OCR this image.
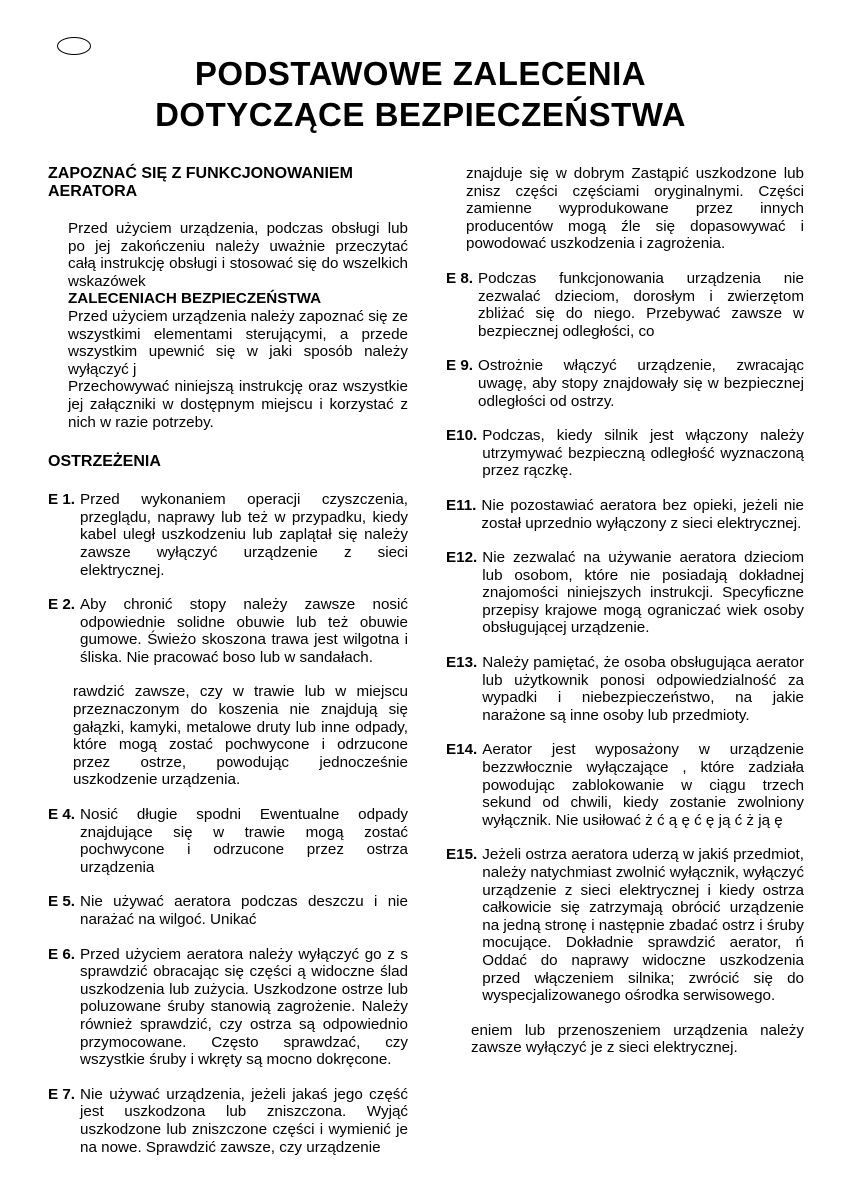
PODSTAWOWE ZALECENIA
DOTYCZĄCE BEZPIECZEŃSTWA

ZAPOZNAĆ SIĘ Z FUNKCJONOWANIEM AERATORA

Przed użyciem urządzenia, podczas obsługi lub po jej zakończeniu należy uważnie przeczytać całą instrukcję obsługi i stosować się do wszelkich wskazówek

ZALECENIACH BEZPIECZEŃSTWA

Przed użyciem urządzenia należy zapoznać się ze wszystkimi elementami sterującymi, a przede wszystkim upewnić się w jaki sposób należy wyłączyć j

Przechowywać niniejszą instrukcję oraz wszystkie jej załączniki w dostępnym miejscu i korzystać z nich w razie potrzeby.

OSTRZEŻENIA

E 1. Przed wykonaniem operacji czyszczenia, przeglądu, naprawy lub też w przypadku, kiedy kabel uległ uszkodzeniu lub zaplątał się należy zawsze wyłączyć urządzenie z sieci elektrycznej.
E 2. Aby chronić stopy należy zawsze nosić odpowiednie solidne obuwie lub też obuwie gumowe. Świeżo skoszona trawa jest wilgotna i śliska. Nie pracować boso lub w sandałach.
rawdzić zawsze, czy w trawie lub w miejscu przeznaczonym do koszenia nie znajdują się gałązki, kamyki, metalowe druty lub inne odpady, które mogą zostać pochwycone i odrzucone przez ostrze, powodując jednocześnie uszkodzenie urządzenia.
E 4. Nosić długie spodni Ewentualne odpady znajdujące się w trawie mogą zostać pochwycone i odrzucone przez ostrza urządzenia
E 5. Nie używać aeratora podczas deszczu i nie narażać na wilgoć. Unikać
E 6. Przed użyciem aeratora należy wyłączyć go z s sprawdzić obracając się części ą widoczne ślad uszkodzenia lub zużycia. Uszkodzone ostrze lub poluzowane śruby stanowią zagrożenie. Należy również sprawdzić, czy ostrza są odpowiednio przymocowane. Często sprawdzać, czy wszystkie śruby i wkręty są mocno dokręcone.
E 7. Nie używać urządzenia, jeżeli jakaś jego część jest uszkodzona lub zniszczona. Wyjąć uszkodzone lub zniszczone części i wymienić je na nowe. Sprawdzić zawsze, czy urządzenie

znajduje się w dobrym Zastąpić uszkodzone lub znisz części częściami oryginalnymi. Części zamienne wyprodukowane przez innych producentów mogą źle się dopasowywać i powodować uszkodzenia i zagrożenia.

E 8. Podczas funkcjonowania urządzenia nie zezwalać dzieciom, dorosłym i zwierzętom zbliżać się do niego. Przebywać zawsze w bezpiecznej odległości, co
E 9. Ostrożnie włączyć urządzenie, zwracając uwagę, aby stopy znajdowały się w bezpiecznej odległości od ostrzy.
E10. Podczas, kiedy silnik jest włączony należy utrzymywać bezpieczną odległość wyznaczoną przez rączkę.
E11. Nie pozostawiać aeratora bez opieki, jeżeli nie został uprzednio wyłączony z sieci elektrycznej.
E12. Nie zezwalać na używanie aeratora dzieciom lub osobom, które nie posiadają dokładnej znajomości niniejszych instrukcji. Specyficzne przepisy krajowe mogą ograniczać wiek osoby obsługującej urządzenie.
E13. Należy pamiętać, że osoba obsługująca aerator lub użytkownik ponosi odpowiedzialność za wypadki i niebezpieczeństwo, na jakie narażone są inne osoby lub przedmioty.
E14. Aerator jest wyposażony w urządzenie bezzwłocznie wyłączające , które zadziała powodując zablokowanie w ciągu trzech sekund od chwili, kiedy zostanie zwolniony wyłącznik. Nie usiłować ż ć ą ę ć ę ją ć ż ją ę
E15. Jeżeli ostrza aeratora uderzą w jakiś przedmiot, należy natychmiast zwolnić wyłącznik, wyłączyć urządzenie z sieci elektrycznej i kiedy ostrza całkowicie się zatrzymają obrócić urządzenie na jedną stronę i następnie zbadać ostrz i śruby mocujące. Dokładnie sprawdzić aerator, ń Oddać do naprawy widoczne uszkodzenia przed włączeniem silnika; zwrócić się do wyspecjalizowanego ośrodka serwisowego.
eniem lub przenoszeniem urządzenia należy zawsze wyłączyć je z sieci elektrycznej.
